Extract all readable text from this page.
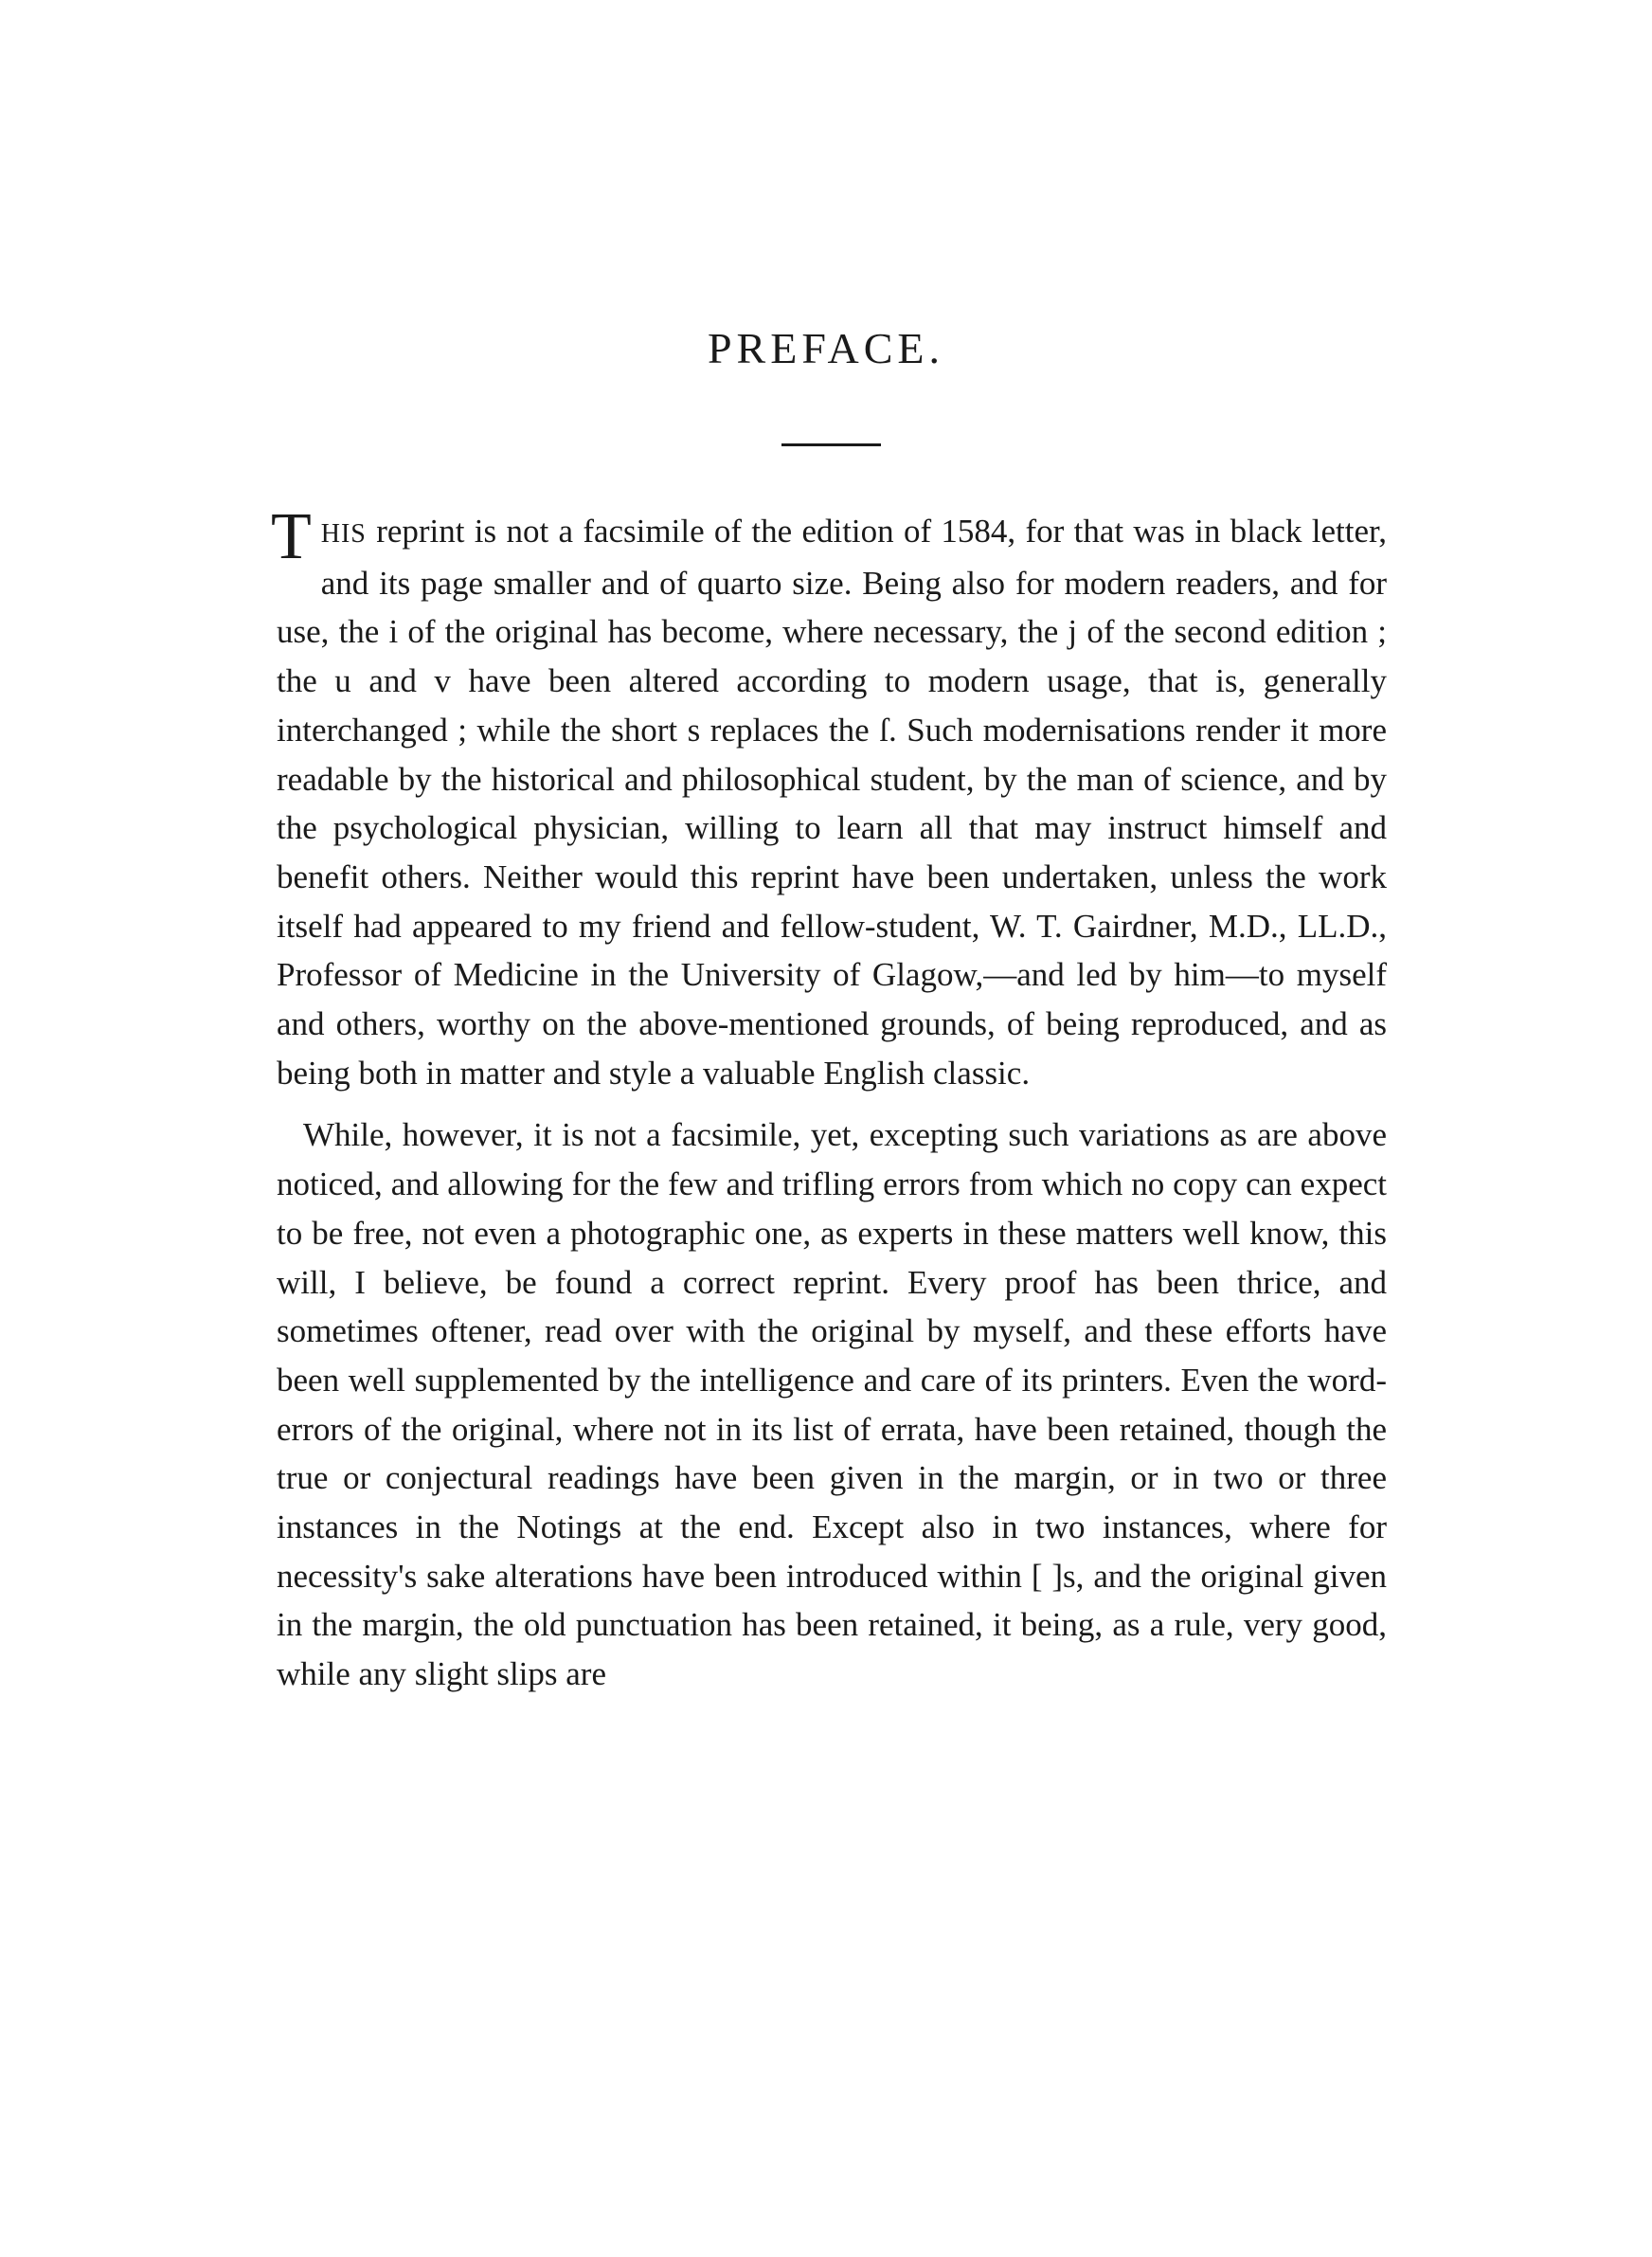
PREFACE.

THIS reprint is not a facsimile of the edition of 1584, for that was in black letter, and its page smaller and of quarto size. Being also for modern readers, and for use, the i of the original has become, where necessary, the j of the second edition ; the u and v have been altered according to modern usage, that is, generally interchanged ; while the short s replaces the ſ. Such modernisations render it more readable by the historical and philosophical student, by the man of science, and by the psychological physician, willing to learn all that may instruct himself and benefit others. Neither would this reprint have been undertaken, unless the work itself had appeared to my friend and fellow-student, W. T. Gairdner, M.D., LL.D., Professor of Medicine in the University of Glagow,—and led by him—to myself and others, worthy on the above-mentioned grounds, of being reproduced, and as being both in matter and style a valuable English classic.

While, however, it is not a facsimile, yet, excepting such variations as are above noticed, and allowing for the few and trifling errors from which no copy can expect to be free, not even a photographic one, as experts in these matters well know, this will, I believe, be found a correct reprint. Every proof has been thrice, and sometimes oftener, read over with the original by myself, and these efforts have been well supplemented by the intelligence and care of its printers. Even the word-errors of the original, where not in its list of errata, have been retained, though the true or conjectural readings have been given in the margin, or in two or three instances in the Notings at the end. Except also in two instances, where for necessity's sake alterations have been introduced within [ ]s, and the original given in the margin, the old punctuation has been retained, it being, as a rule, very good, while any slight slips are
